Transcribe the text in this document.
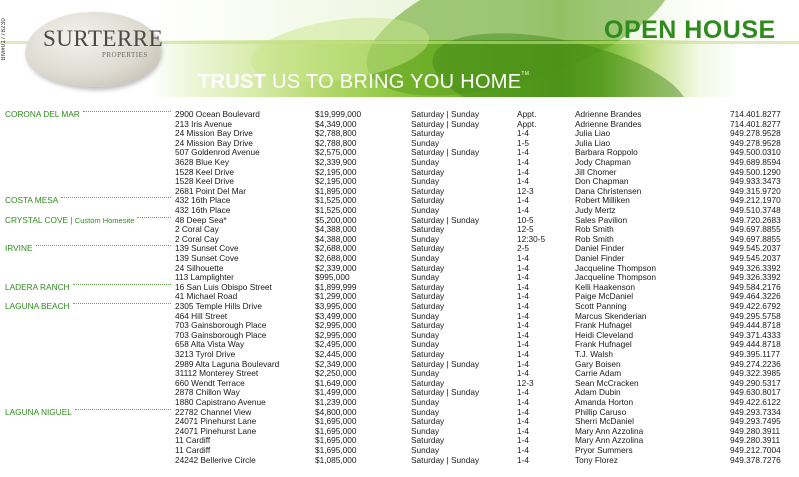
BM#01778230 SURTERRE
PROPERTIES
OPEN HOUSE
TRUST US TO BRING YOU HOME™
CORONA DEL MAR	2900 Ocean Boulevard	$19,999,000	Saturday | Sunday	Appt.	Adrienne Brandes	714.401.8277
213 Iris Avenue	$4,349,000	Saturday | Sunday	Appt.	Adrienne Brandes	714.401.8277
24 Mission Bay Drive	$2,788,800	Saturday	1-4	Julia Liao	949.278.9528
24 Mission Bay Drive	$2,788,800	Sunday	1-5	Julia Liao	949.278.9528
507 Goldenrod Avenue	$2,575,000	Saturday | Sunday	1-4	Barbara Roppolo	949.500.0310
3628 Blue Key	$2,339,900	Sunday	1-4	Jody Chapman	949.689.8594
1528 Keel Drive	$2,195,000	Saturday	1-4	Jill Chomer	949.500.1290
1528 Keel Drive	$2,195,000	Sunday	1-4	Don Chapman	949.933.3473
2681 Point Del Mar	$1,895,000	Saturday	12-3	Dana Christensen	949.315.9720
COSTA MESA	432 16th Place	$1,525,000	Saturday	1-4	Robert Milliken	949.212.1970
432 16th Place	$1,525,000	Sunday	1-4	Judy Mertz	949.510.3748
CRYSTAL COVE | Custom Homesite	48 Deep Sea*	$5,200,000	Saturday | Sunday	10-5	Sales Pavilion	949.720.2683
2 Coral Cay	$4,388,000	Saturday	12-5	Rob Smith	949.697.8855
2 Coral Cay	$4,388,000	Sunday	12:30-5	Rob Smith	949.697.8855
IRVINE	139 Sunset Cove	$2,688,000	Saturday	2-5	Daniel Finder	949.545.2037
139 Sunset Cove	$2,688,000	Sunday	1-4	Daniel Finder	949.545.2037
24 Silhouette	$2,339,000	Saturday	1-4	Jacqueline Thompson	949.326.3392
113 Lamplighter	$995,000	Sunday	1-4	Jacqueline Thompson	949.326.3392
LADERA RANCH	16 San Luis Obispo Street	$1,899,999	Saturday	1-4	Kelli Haakenson	949.584.2176
41 Michael Road	$1,299,000	Saturday	1-4	Paige McDaniel	949.464.3226
LAGUNA BEACH	2305 Temple Hills Drive	$3,995,000	Saturday	1-4	Scott Panning	949.422.6792
464 Hill Street	$3,499,000	Sunday	1-4	Marcus Skenderian	949.295.5758
703 Gainsborough Place	$2,995,000	Saturday	1-4	Frank Hufnagel	949.444.8718
703 Gainsborough Place	$2,995,000	Sunday	1-4	Heidi Cleveland	949.371.4333
658 Alta Vista Way	$2,495,000	Sunday	1-4	Frank Hufnagel	949.444.8718
3213 Tyrol Drive	$2,445,000	Saturday	1-4	T.J. Walsh	949.395.1177
2989 Alta Laguna Boulevard	$2,349,000	Saturday | Sunday	1-4	Gary Boisen	949.274.2236
31112 Monterey Street	$2,250,000	Sunday	1-4	Carrie Adam	949.322.3985
660 Wendt Terrace	$1,649,000	Saturday	12-3	Sean McCracken	949.290.5317
2878 Chillon Way	$1,499,000	Saturday | Sunday	1-4	Adam Dubin	949.630.8017
1880 Capistrano Avenue	$1,239,000	Sunday	1-4	Amanda Horton	949.422.6122
LAGUNA NIGUEL	22782 Channel View	$4,800,000	Sunday	1-4	Phillip Caruso	949.293.7334
24071 Pinehurst Lane	$1,695,000	Saturday	1-4	Sherri McDaniel	949.293.7495
24071 Pinehurst Lane	$1,695,000	Sunday	1-4	Mary Ann Azzolina	949.280.3911
11 Cardiff	$1,695,000	Saturday	1-4	Mary Ann Azzolina	949.280.3911
11 Cardiff	$1,695,000	Sunday	1-4	Pryor Summers	949.212.7004
24242 Bellerive Circle	$1,085,000	Saturday | Sunday	1-4	Tony Florez	949.378.7276
